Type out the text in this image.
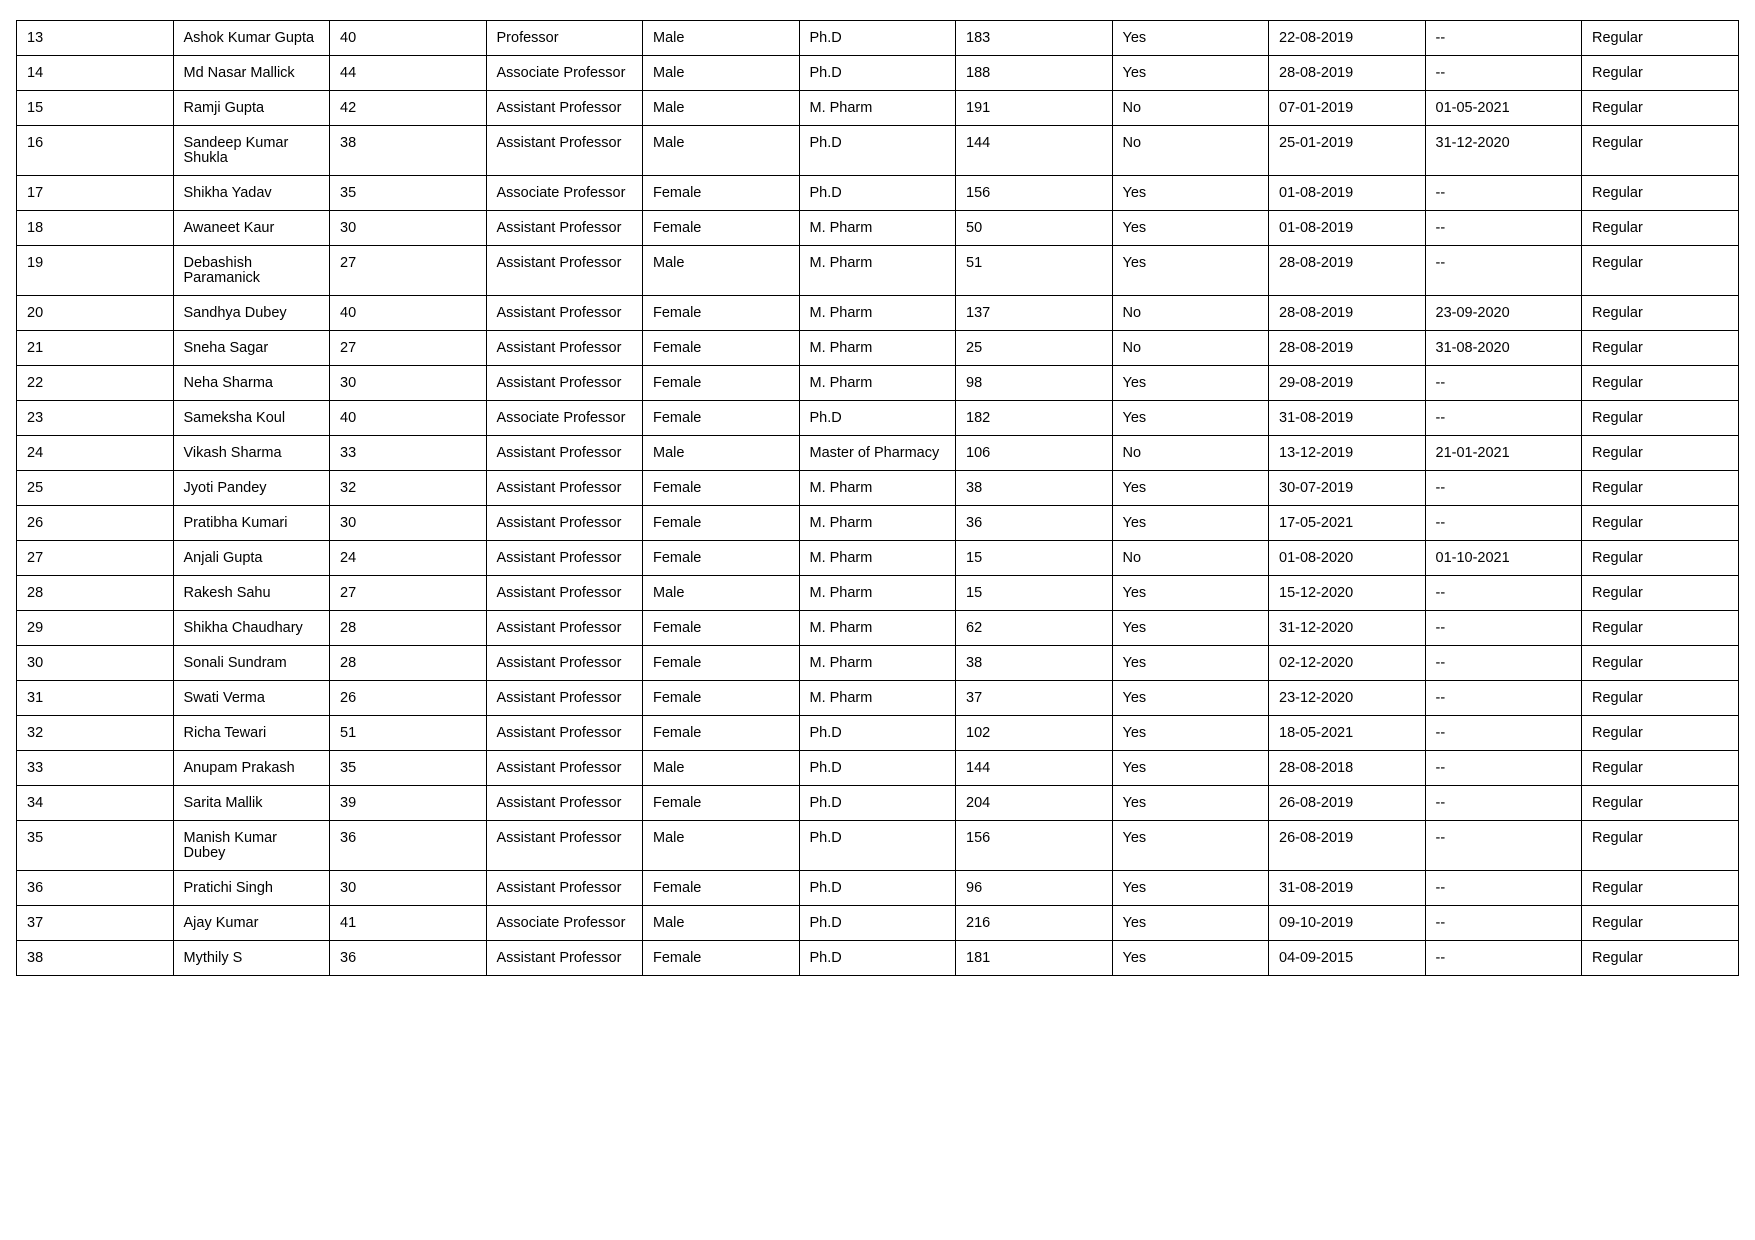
13	Ashok Kumar Gupta	40	Professor	Male	Ph.D	183	Yes	22-08-2019	--	Regular
14	Md Nasar Mallick	44	Associate Professor	Male	Ph.D	188	Yes	28-08-2019	--	Regular
15	Ramji Gupta	42	Assistant Professor	Male	M. Pharm	191	No	07-01-2019	01-05-2021	Regular
16	Sandeep Kumar Shukla	38	Assistant Professor	Male	Ph.D	144	No	25-01-2019	31-12-2020	Regular
17	Shikha Yadav	35	Associate Professor	Female	Ph.D	156	Yes	01-08-2019	--	Regular
18	Awaneet Kaur	30	Assistant Professor	Female	M. Pharm	50	Yes	01-08-2019	--	Regular
19	Debashish Paramanick	27	Assistant Professor	Male	M. Pharm	51	Yes	28-08-2019	--	Regular
20	Sandhya Dubey	40	Assistant Professor	Female	M. Pharm	137	No	28-08-2019	23-09-2020	Regular
21	Sneha Sagar	27	Assistant Professor	Female	M. Pharm	25	No	28-08-2019	31-08-2020	Regular
22	Neha Sharma	30	Assistant Professor	Female	M. Pharm	98	Yes	29-08-2019	--	Regular
23	Sameksha Koul	40	Associate Professor	Female	Ph.D	182	Yes	31-08-2019	--	Regular
24	Vikash Sharma	33	Assistant Professor	Male	Master of Pharmacy	106	No	13-12-2019	21-01-2021	Regular
25	Jyoti Pandey	32	Assistant Professor	Female	M. Pharm	38	Yes	30-07-2019	--	Regular
26	Pratibha Kumari	30	Assistant Professor	Female	M. Pharm	36	Yes	17-05-2021	--	Regular
27	Anjali Gupta	24	Assistant Professor	Female	M. Pharm	15	No	01-08-2020	01-10-2021	Regular
28	Rakesh Sahu	27	Assistant Professor	Male	M. Pharm	15	Yes	15-12-2020	--	Regular
29	Shikha Chaudhary	28	Assistant Professor	Female	M. Pharm	62	Yes	31-12-2020	--	Regular
30	Sonali Sundram	28	Assistant Professor	Female	M. Pharm	38	Yes	02-12-2020	--	Regular
31	Swati Verma	26	Assistant Professor	Female	M. Pharm	37	Yes	23-12-2020	--	Regular
32	Richa Tewari	51	Assistant Professor	Female	Ph.D	102	Yes	18-05-2021	--	Regular
33	Anupam Prakash	35	Assistant Professor	Male	Ph.D	144	Yes	28-08-2018	--	Regular
34	Sarita Mallik	39	Assistant Professor	Female	Ph.D	204	Yes	26-08-2019	--	Regular
35	Manish Kumar Dubey	36	Assistant Professor	Male	Ph.D	156	Yes	26-08-2019	--	Regular
36	Pratichi Singh	30	Assistant Professor	Female	Ph.D	96	Yes	31-08-2019	--	Regular
37	Ajay Kumar	41	Associate Professor	Male	Ph.D	216	Yes	09-10-2019	--	Regular
38	Mythily S	36	Assistant Professor	Female	Ph.D	181	Yes	04-09-2015	--	Regular
